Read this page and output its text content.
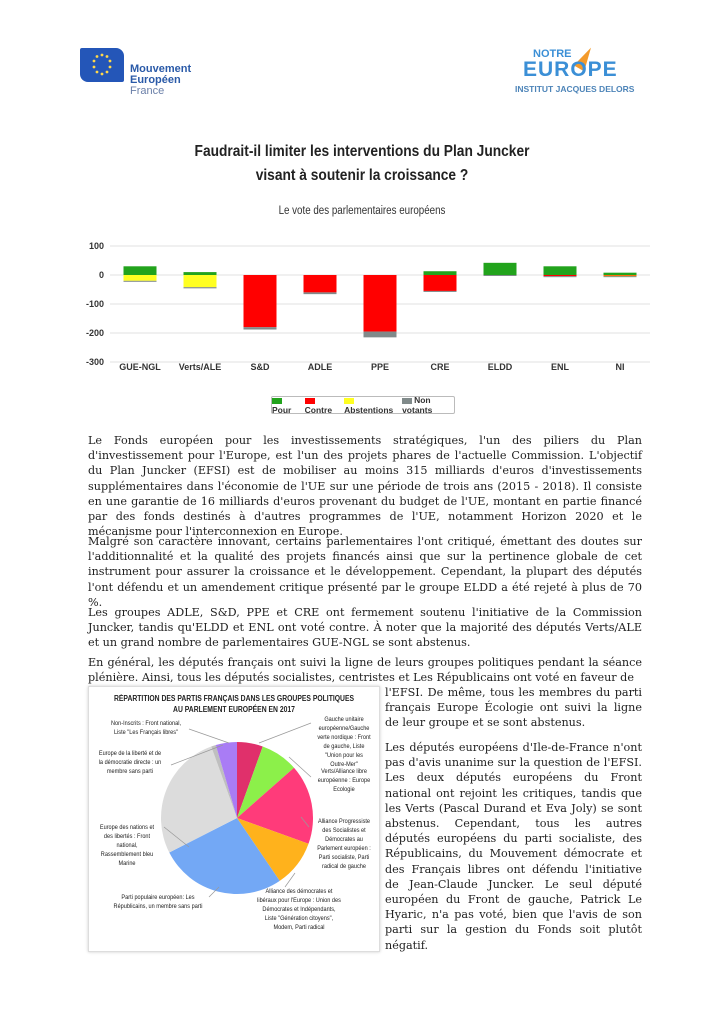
Mouvement
Européen
France
NOTRE
EUROPE
INSTITUT JACQUES DELORS
Faudrait-il limiter les interventions du Plan Juncker
visant à soutenir la croissance ?
Le vote des parlementaires européens
100
0
-100
-200
-300 GUE-NGL Verts/ALE	S&D	ADLE	PPE	CRE	ELDD	ENL	NI
Pour	Contre	Abstentions
Non votants
Le Fonds européen pour les investissements stratégiques, l'un des piliers du Plan d'investissement pour l'Europe, est l'un des projets phares de l'actuelle Commission. L'objectif du Plan Juncker (EFSI) est de mobiliser au moins 315 milliards d'euros d'investissements supplémentaires dans l'économie de l'UE sur une période de trois ans (2015 - 2018). Il consiste en une garantie de 16 milliards d'euros provenant du budget de l'UE, montant en partie financé par des fonds destinés à d'autres programmes de l'UE, notamment Horizon 2020 et le mécanisme pour l'interconnexion en Europe.
Malgré son caractère innovant, certains parlementaires l'ont critiqué, émettant des doutes sur l'additionnalité et la qualité des projets financés ainsi que sur la pertinence globale de cet instrument pour assurer la croissance et le développement. Cependant, la plupart des députés l'ont défendu et un amendement critique présenté par le groupe ELDD a été rejeté à plus de 70 %.
Les groupes ADLE, S&D, PPE et CRE ont fermement soutenu l'initiative de la Commission Juncker, tandis qu'ELDD et ENL ont voté contre. À noter que la majorité des députés Verts/ALE et un grand nombre de parlementaires GUE-NGL se sont abstenus.
En général, les députés français ont suivi la ligne de leurs groupes politiques pendant la séance plénière. Ainsi, tous les députés socialistes, centristes et Les Républicains ont voté en faveur de
l'EFSI. De même, tous les membres du parti français Europe Écologie ont suivi la ligne de leur groupe et se sont abstenus.
Les députés européens d'Ile-de-France n'ont pas d'avis unanime sur la question de l'EFSI. Les deux députés européens du Front national ont rejoint les critiques, tandis que les Verts (Pascal Durand et Eva Joly) se sont abstenus. Cependant, tous les autres députés européens du parti socialiste, des Républicains, du Mouvement démocrate et des Français libres ont défendu l'initiative de Jean-Claude Juncker. Le seul député européen du Front de gauche, Patrick Le Hyaric, n'a pas voté, bien que l'avis de son parti sur la gestion du Fonds soit plutôt négatif.
RÉPARTITION DES PARTIS FRANÇAIS DANS LES GROUPES POLITIQUES
AU PARLEMENT EUROPÉEN EN 2017
Non-Inscrits : Front national, Liste "Les Français libres"
Europe de la liberté et de la démocratie directe : un membre sans parti
Europe des nations et des libertés : Front national, Rassemblement bleu Marine
Parti populaire européen: Les Républicains, un membre sans parti
Alliance des démocrates et libéraux pour l'Europe : Union des Démocrates et Indépendants, Liste "Génération citoyens", Modem, Parti radical
Alliance Progressiste des Socialistes et Démocrates au Parlement européen : Parti socialiste, Parti radical de gauche
Verts/Alliance libre européenne : Europe Ecologie
Gauche unitaire européenne/Gauche verte nordique : Front de gauche, Liste "Union pour les Outre-Mer"
